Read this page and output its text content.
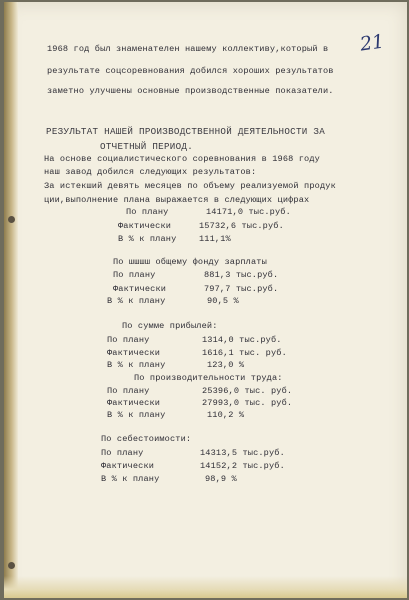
21
1968 год был знаменателен нашему коллективу,который в
результате соцсоревнования добился хороших результатов
заметно улучшены основные производственные показатели.
РЕЗУЛЬТАТ НАШЕЙ ПРОИЗВОДСТВЕННОЙ ДЕЯТЕЛЬНОСТИ ЗА
ОТЧЕТНЫЙ ПЕРИОД.
На основе социалистического соревнования в 1968 году
наш завод добился следующих результатов:
За истекший девять месяцев по объему реализуемой продук
ции,выполнение плана выражается в следующих цифрах
По плану	14171,0 тыс.руб.
Фактически	15732,6 тыс.руб.
В % к плану	111,1%
По шшшш общему фонду зарплаты
По плану	881,3 тыс.руб.
Фактически	797,7 тыс.руб.
В % к плану	90,5 %
По сумме прибылей:
По плану	1314,0 тыс.руб.
Фактически	1616,1 тыс. руб.
В % к плану	123,0 %
По производительности труда:
По плану	25396,0 тыс. руб.
Фактически	27993,0 тыс. руб.
В % к плану	110,2 %
По себестоимости:
По плану	14313,5 тыс.руб.
Фактически	14152,2 тыс.руб.
В % к плану	98,9 %
